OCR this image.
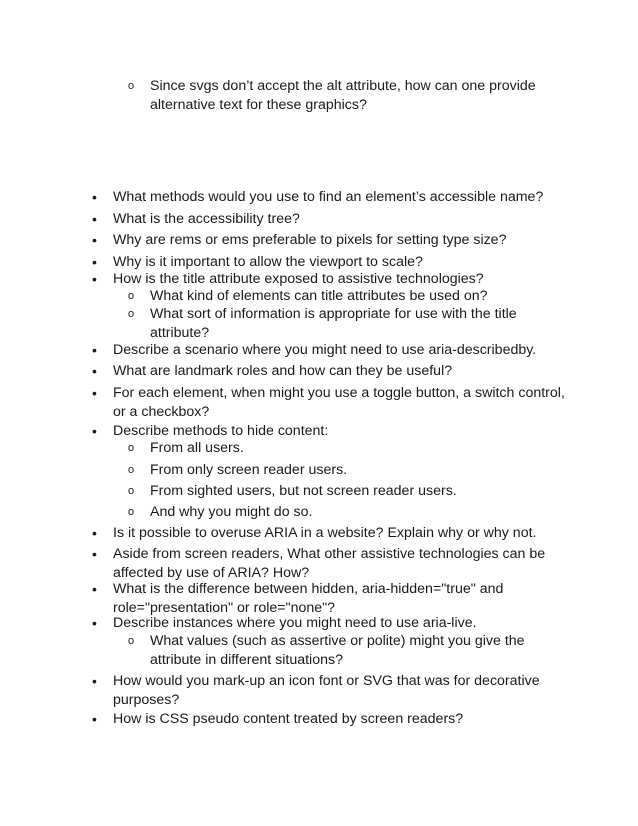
o Since svgs don’t accept the alt attribute, how can one provide alternative text for these graphics?
• What methods would you use to find an element’s accessible name?
• What is the accessibility tree?
• Why are rems or ems preferable to pixels for setting type size?
• Why is it important to allow the viewport to scale?
• How is the title attribute exposed to assistive technologies?
o What kind of elements can title attributes be used on?
o What sort of information is appropriate for use with the title attribute?
• Describe a scenario where you might need to use aria-describedby.
• What are landmark roles and how can they be useful?
• For each element, when might you use a toggle button, a switch control, or a checkbox?
• Describe methods to hide content:
o From all users.
o From only screen reader users.
o From sighted users, but not screen reader users.
o And why you might do so.
• Is it possible to overuse ARIA in a website? Explain why or why not.
• Aside from screen readers, What other assistive technologies can be affected by use of ARIA? How?
• What is the difference between hidden, aria-hidden="true" and role="presentation" or role="none"?
• Describe instances where you might need to use aria-live.
o What values (such as assertive or polite) might you give the attribute in different situations?
• How would you mark-up an icon font or SVG that was for decorative purposes?
• How is CSS pseudo content treated by screen readers?
